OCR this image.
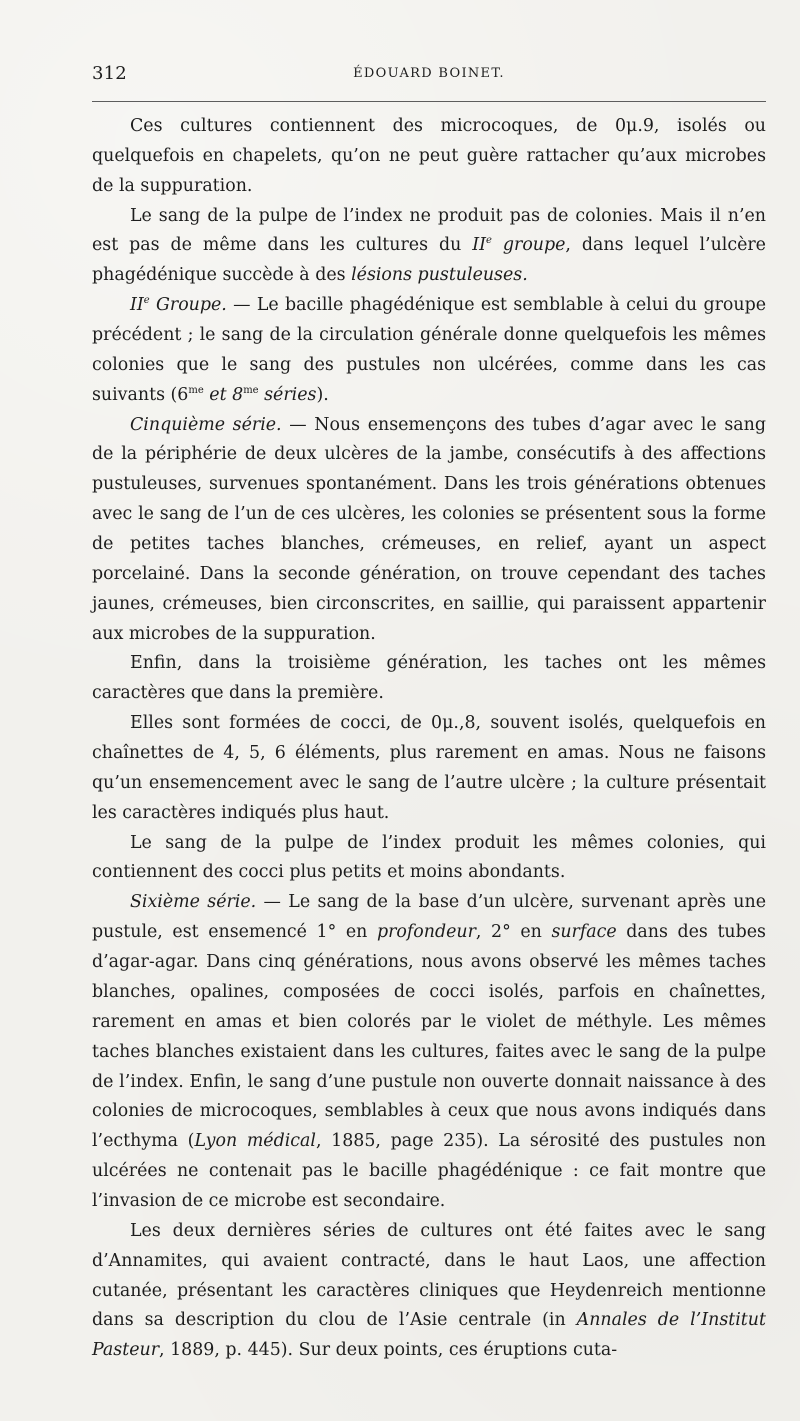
312	ÉDOUARD BOINET.

Ces cultures contiennent des microcoques, de 0μ.9, isolés ou quelquefois en chapelets, qu’on ne peut guère rattacher qu’aux microbes de la suppuration.

Le sang de la pulpe de l’index ne produit pas de colonies. Mais il n’en est pas de même dans les cultures du IIe groupe, dans lequel l’ulcère phagédénique succède à des lésions pustuleuses.

IIe Groupe. — Le bacille phagédénique est semblable à celui du groupe précédent ; le sang de la circulation générale donne quelquefois les mêmes colonies que le sang des pustules non ulcérées, comme dans les cas suivants ($6^{me}$ et $8^{me}$ séries).

Cinquième série. — Nous ensemençons des tubes d’agar avec le sang de la périphérie de deux ulcères de la jambe, consécutifs à des affections pustuleuses, survenues spontanément. Dans les trois générations obtenues avec le sang de l’un de ces ulcères, les colonies se présentent sous la forme de petites taches blanches, crémeuses, en relief, ayant un aspect porcelainé. Dans la seconde génération, on trouve cependant des taches jaunes, crémeuses, bien circonscrites, en saillie, qui paraissent appartenir aux microbes de la suppuration.

Enfin, dans la troisième génération, les taches ont les mêmes caractères que dans la première.

Elles sont formées de cocci, de 0μ.,8, souvent isolés, quelquefois en chaînettes de 4, 5, 6 éléments, plus rarement en amas. Nous ne faisons qu’un ensemencement avec le sang de l’autre ulcère ; la culture présentait les caractères indiqués plus haut.

Le sang de la pulpe de l’index produit les mêmes colonies, qui contiennent des cocci plus petits et moins abondants.

Sixième série. — Le sang de la base d’un ulcère, survenant après une pustule, est ensemencé 1° en profondeur, 2° en surface dans des tubes d’agar-agar. Dans cinq générations, nous avons observé les mêmes taches blanches, opalines, composées de cocci isolés, parfois en chaînettes, rarement en amas et bien colorés par le violet de méthyle. Les mêmes taches blanches existaient dans les cultures, faites avec le sang de la pulpe de l’index. Enfin, le sang d’une pustule non ouverte donnait naissance à des colonies de microcoques, semblables à ceux que nous avons indiqués dans l’ecthyma (Lyon médical, 1885, page 235). La sérosité des pustules non ulcérées ne contenait pas le bacille phagédénique : ce fait montre que l’invasion de ce microbe est secondaire.

Les deux dernières séries de cultures ont été faites avec le sang d’Annamites, qui avaient contracté, dans le haut Laos, une affection cutanée, présentant les caractères cliniques que Heydenreich mentionne dans sa description du clou de l’Asie centrale (in Annales de l’Institut Pasteur, 1889, p. 445). Sur deux points, ces éruptions cuta-
